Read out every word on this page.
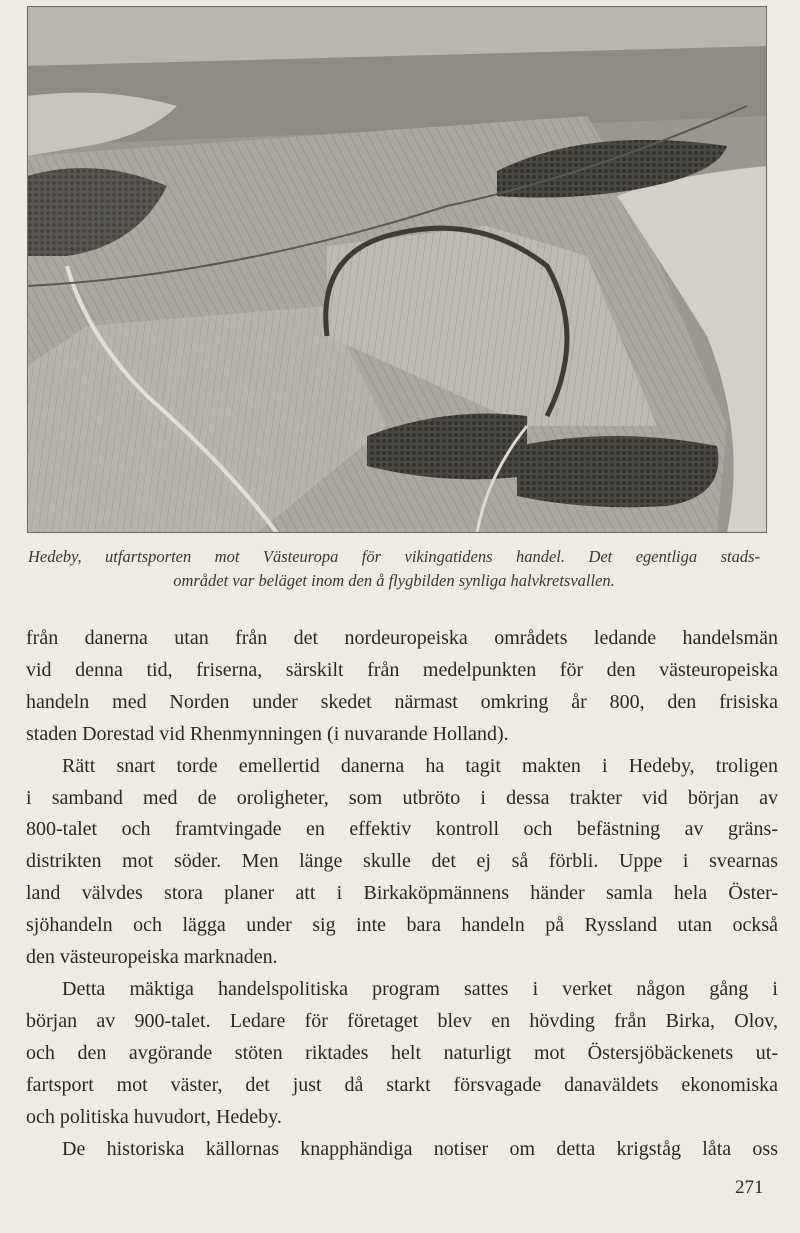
Hedeby, utfartsporten mot Västeuropa för vikingatidens handel. Det egentliga stads-
området var beläget inom den å flygbilden synliga halvkretsvallen.
från danerna utan från det nordeuropeiska områdets ledande handelsmän
vid denna tid, friserna, särskilt från medelpunkten för den västeuropeiska
handeln med Norden under skedet närmast omkring år 800, den frisiska
staden Dorestad vid Rhenmynningen (i nuvarande Holland).
Rätt snart torde emellertid danerna ha tagit makten i Hedeby, troligen
i samband med de oroligheter, som utbröto i dessa trakter vid början av
800-talet och framtvingade en effektiv kontroll och befästning av gräns-
distrikten mot söder. Men länge skulle det ej så förbli. Uppe i svearnas
land välvdes stora planer att i Birkaköpmännens händer samla hela Öster-
sjöhandeln och lägga under sig inte bara handeln på Ryssland utan också
den västeuropeiska marknaden.
Detta mäktiga handelspolitiska program sattes i verket någon gång i
början av 900-talet. Ledare för företaget blev en hövding från Birka, Olov,
och den avgörande stöten riktades helt naturligt mot Östersjöbäckenets ut-
fartsport mot väster, det just då starkt försvagade danaväldets ekonomiska
och politiska huvudort, Hedeby.
De historiska källornas knapphändiga notiser om detta krigståg låta oss
271
